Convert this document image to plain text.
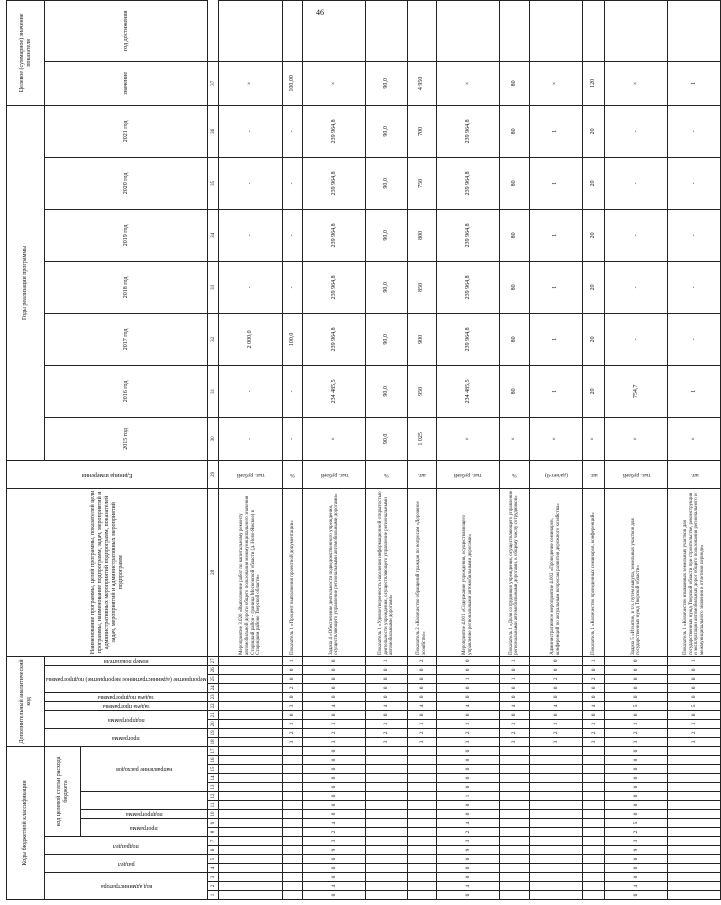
46
Коды бюджетной классификации																	Дополнительный аналитический код										Наименование программы, целей программы, показателей цели программы, наименование подпрограмм, задач, мероприятий и административных мероприятий подпрограмм, показателей задач, мероприятий и административных мероприятий подпрограмм	Единица измерения	Годы реализации программы							Целевое (суммарное) значение показателя	

код администратора			раздел		подраздел		код целевой статьи расхода бюджета										программа		подпрограмма		задача программы	задача подпрограммы	мероприятие (административное мероприятие) подпрограммы			номер показателя			2015 год	2016 год	2017 год	2018 год	2019 год	2020 год	2021 год	значение	год достижения

							программа		подпрограмма			направление расходов																									

1	2	3	4	5	6	7	8	9	10	11	12	13	14	15	16	17	18	19	20	21	22	23	24	25	26	27	28	29	30	31	32	33	34	35	36	37	
																											Мероприятие 3.020 «Выполнение работ по капитальному ремонту автомобильной дороги общего пользования межмуниципального значения Старицкий район - граница Московской области (д. Ново-Ямское) в Старицком районе Тверской области»	тыс. рублей	-	-	2 000,0	-	-	-	-	×	
																	3	2	1	0	3	0	2	0	0	1	Показатель 1 «Процент выполнения проектной документации»	%	-	-	100,0	-	-	-	-	100,00	
0	4	0	0	0	9	3	2	4	0	0	0	0	0	0	0	0	3	2	1	0	4	0	0	0	0	0	Задача 4 «Обеспечение деятельности подведомственного учреждения, осуществляющего управление региональными автомобильными дорогами»	тыс. рублей	×	234 485,5	239 964,8	239 964,8	239 964,8	239 964,8	239 964,8	×	
																	3	2	1	0	4	0	0	0	0	1	Показатель 1 «Удовлетворенность населения информационной открытостью деятельности учреждения, осуществляющего управление региональными автомобильными дорогами»	%	90,0	90,0	90,0	90,0	90,0	90,0	90,0	90,0	
																	3	2	1	0	4	0	0	0	0	2	Показатель 2 «Количество обращений граждан по вопросам «Дорожное хозяйство»	шт.	1 025	950	900	850	800	750	700	4 950	
0	4	0	0	0	9	3	2	4	0	0	1	0	0	0	0	0	3	2	1	0	4	0	0	1	0	0	Мероприятие 4.001 «Содержание учреждения, осуществляющего управление региональными автомобильными дорогами»	тыс. рублей	×	234 485,5	239 964,8	239 964,8	239 964,8	239 964,8	239 964,8	×	
																	3	2	1	0	4	0	0	1	0	1	Показатель 1 «Доля сотрудников учреждения, осуществляющего управление региональными автомобильными дорогами, к общему числу сотрудников»	%	×	80	80	80	80	80	80	80	
																	3	2	1	0	4	0	0	2	0	0	Административное мероприятие 4.002 «Проведение семинаров, конференций по актуальным вопросам развития дорожного хозяйства»	(да/нет-0)	×	1	1	1	1	1	1	×	
																	3	2	1	0	4	0	0	2	0	1	Показатель 1 «Количество проведенных семинаров, конференций»	шт.	×	20	20	20	20	20	20	120	
0	4	0	0	0	9	3	2	5	0	0	0	0	0	0	0	0	3	2	1	0	5	0	0	0	0	0	Задача 5 «Изъятие, в т.ч. путем выкупа, земельных участков для государственных нужд Тверской области»	тыс. рублей	×	754,7	-	-	-	-	-	×	
																	3	2	1	0	5	0	0	0	0	1	Показатель 1 «Количество изымаемых земельных участков для государственных нужд Тверской области при строительстве, реконструкции и эксплуатации автомобильных дорог общего пользования регионального и межмуниципального значения в отчетном периоде»	шт.	×	1	-	-	-	-	-	1	
